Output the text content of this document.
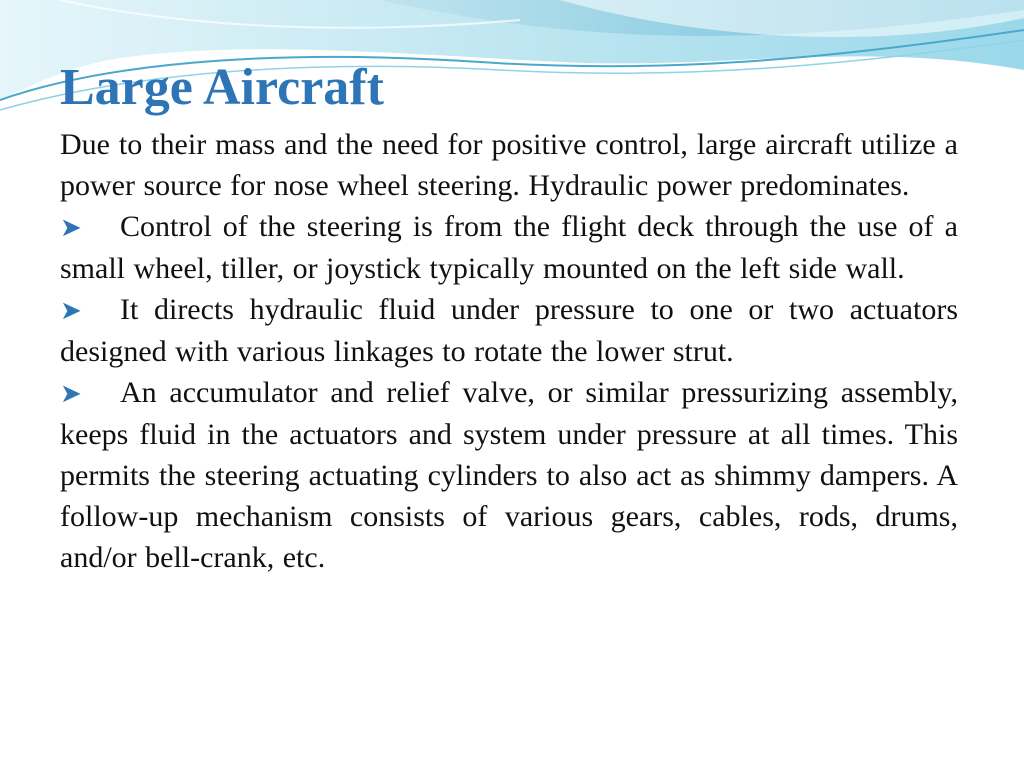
Large Aircraft

Due to their mass and the need for positive control, large aircraft utilize a power source for nose wheel steering. Hydraulic power predominates.

➤ Control of the steering is from the flight deck through the use of a small wheel, tiller, or joystick typically mounted on the left side wall.

➤ It directs hydraulic fluid under pressure to one or two actuators designed with various linkages to rotate the lower strut.

➤ An accumulator and relief valve, or similar pressurizing assembly, keeps fluid in the actuators and system under pressure at all times. This permits the steering actuating cylinders to also act as shimmy dampers. A follow-up mechanism consists of various gears, cables, rods, drums, and/or bell-crank, etc.
